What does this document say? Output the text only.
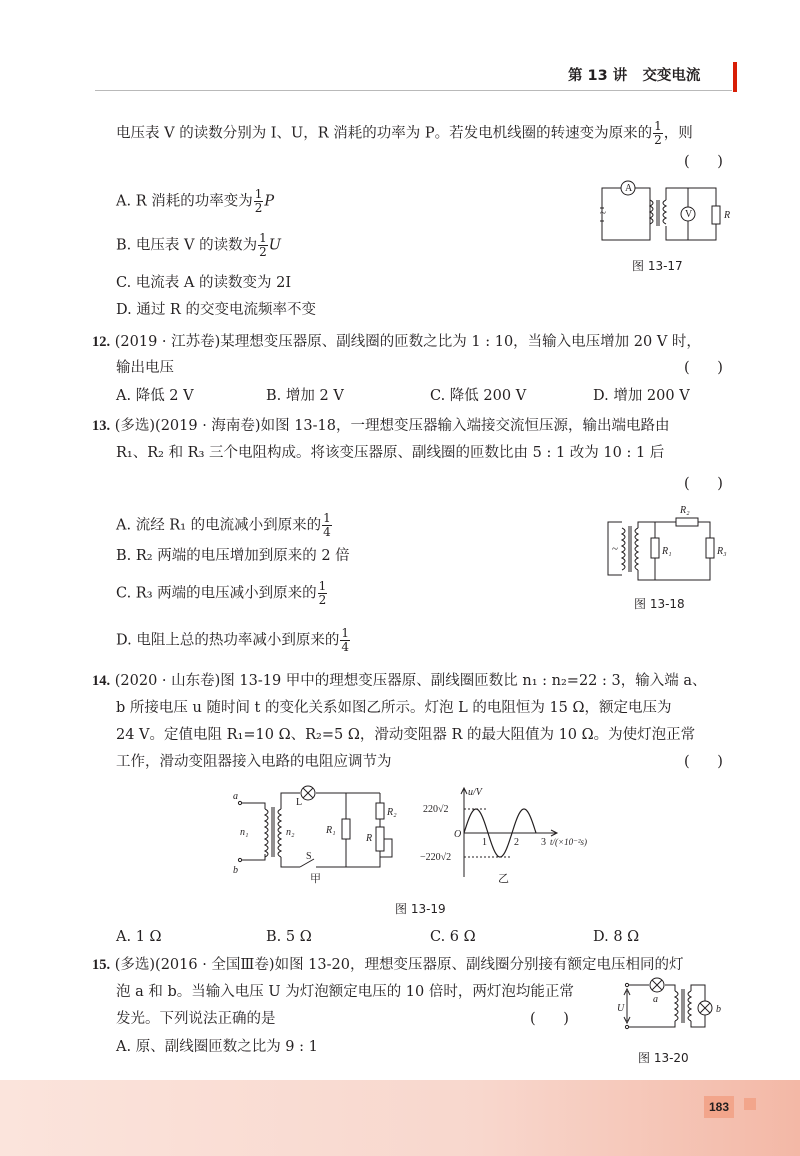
第 13 讲 交变电流
电压表 V 的读数分别为 I、U，R 消耗的功率为 P。若发电机线圈的转速变为原来的 $\frac{1}{2}$ ，则
(      )
A. R 消耗的功率变为 $\frac{1}{2}$ P
B. 电压表 V 的读数为 $\frac{1}{2}$ U
C. 电流表 A 的读数变为 2I
D. 通过 R 的交变电流频率不变
~
A
V	R
图 13-17
12. (2019 · 江苏卷)某理想变压器原、副线圈的匝数之比为 1 : 10，当输入电压增加 20 V 时，
输出电压	(      )
A. 降低 2 V	B. 增加 2 V	C. 降低 200 V	D. 增加 200 V
13. (多选)(2019 · 海南卷)如图 13-18，一理想变压器输入端接交流恒压源，输出端电路由
R₁、R₂ 和 R₃ 三个电阻构成。将该变压器原、副线圈的匝数比由 5 : 1 改为 10 : 1 后
(      )
A. 流经 R₁ 的电流减小到原来的 $\frac{1}{4}$
B. R₂ 两端的电压增加到原来的 2 倍
C. R₃ 两端的电压减小到原来的 $\frac{1}{2}$
D. 电阻上总的热功率减小到原来的 $\frac{1}{4}$
~	R₁
R₂
R₃
图 13-18
14. (2020 · 山东卷)图 13-19 甲中的理想变压器原、副线圈匝数比 n₁ : n₂=22 : 3，输入端 a、
b 所接电压 u 随时间 t 的变化关系如图乙所示。灯泡 L 的电阻恒为 15 Ω，额定电压为
24 V。定值电阻 R₁=10 Ω、R₂=5 Ω，滑动变阻器 R 的最大阻值为 10 Ω。为使灯泡正常
工作，滑动变阻器接入电路的电阻应调节为	(      )
a
b
n₁	n₂
L
S
R₁
R₂
R
甲
u/V
220√2
−220√2
O
1	2 3 t/(×10⁻²s)
乙
图 13-19
A. 1 Ω	B. 5 Ω	C. 6 Ω	D. 8 Ω
15. (多选)(2016 · 全国Ⅲ卷)如图 13-20，理想变压器原、副线圈分别接有额定电压相同的灯
泡 a 和 b。当输入电压 U 为灯泡额定电压的 10 倍时，两灯泡均能正常
发光。下列说法正确的是	(      )
A. 原、副线圈匝数之比为 9 : 1
U
a
b
图 13-20
183
